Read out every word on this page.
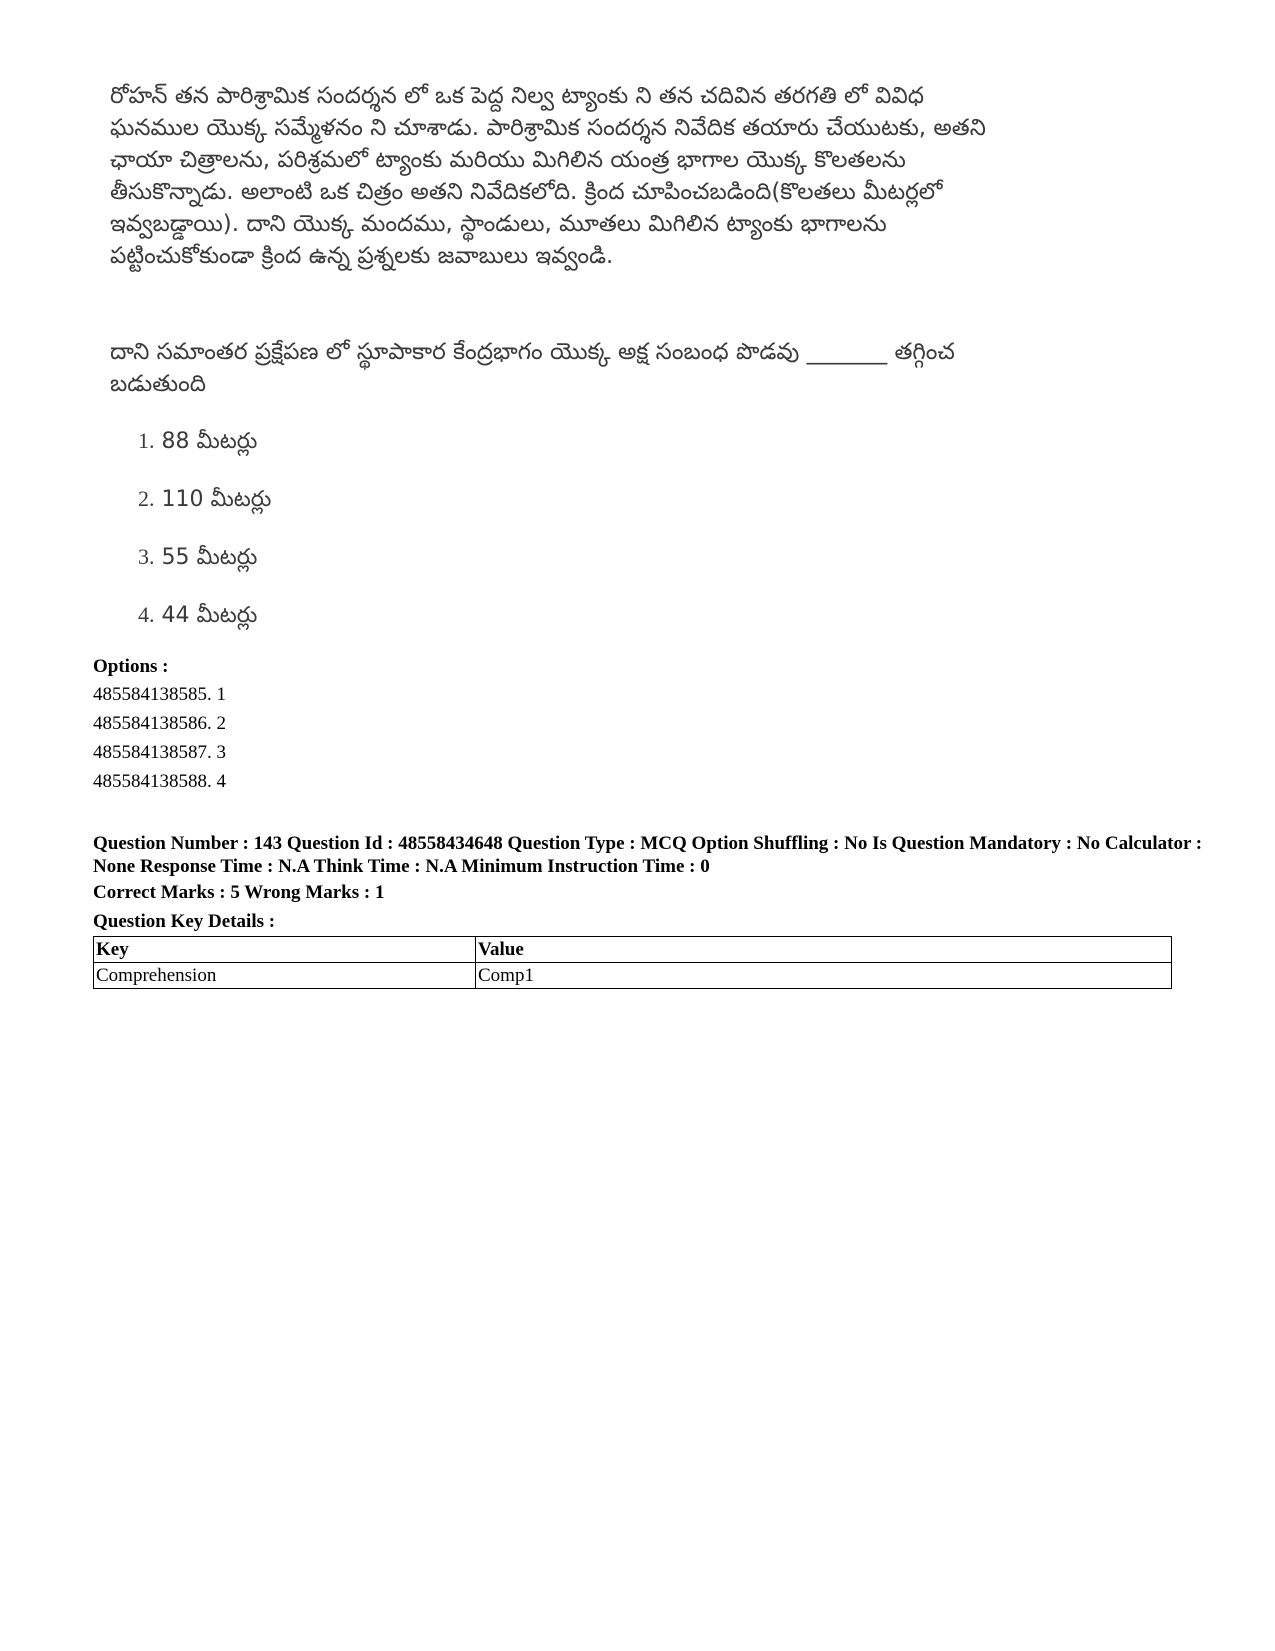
రోహన్ తన పారిశ్రామిక సందర్శన లో ఒక పెద్ద నిల్వ ట్యాంకు ని తన చదివిన తరగతి లో వివిధ
ఘనముల యొక్క సమ్మేళనం ని చూశాడు. పారిశ్రామిక సందర్శన నివేదిక తయారు చేయుటకు, అతని
ఛాయా చిత్రాలను, పరిశ్రమలో ట్యాంకు మరియు మిగిలిన యంత్ర భాగాల యొక్క కొలతలను
తీసుకొన్నాడు. అలాంటి ఒక చిత్రం అతని నివేదికలోది. క్రింద చూపించబడింది(కొలతలు మీటర్లలో
ఇవ్వబడ్డాయి). దాని యొక్క మందము, స్థాండులు, మూతలు మిగిలిన ట్యాంకు భాగాలను
పట్టించుకోకుండా క్రింద ఉన్న ప్రశ్నలకు జవాబులు ఇవ్వండి.
దాని సమాంతర ప్రక్షేపణ లో స్థూపాకార కేంద్రభాగం యొక్క అక్ష సంబంధ పొడవు _______ తగ్గించ
బడుతుంది
1. 88 మీటర్లు
2. 110 మీటర్లు
3. 55 మీటర్లు
4. 44 మీటర్లు
Options :
485584138585. 1
485584138586. 2
485584138587. 3
485584138588. 4
Question Number : 143 Question Id : 48558434648 Question Type : MCQ Option Shuffling : No Is Question Mandatory : No Calculator : None Response Time : N.A Think Time : N.A Minimum Instruction Time : 0
Correct Marks : 5 Wrong Marks : 1
Question Key Details :
Key	Value
Comprehension	Comp1
